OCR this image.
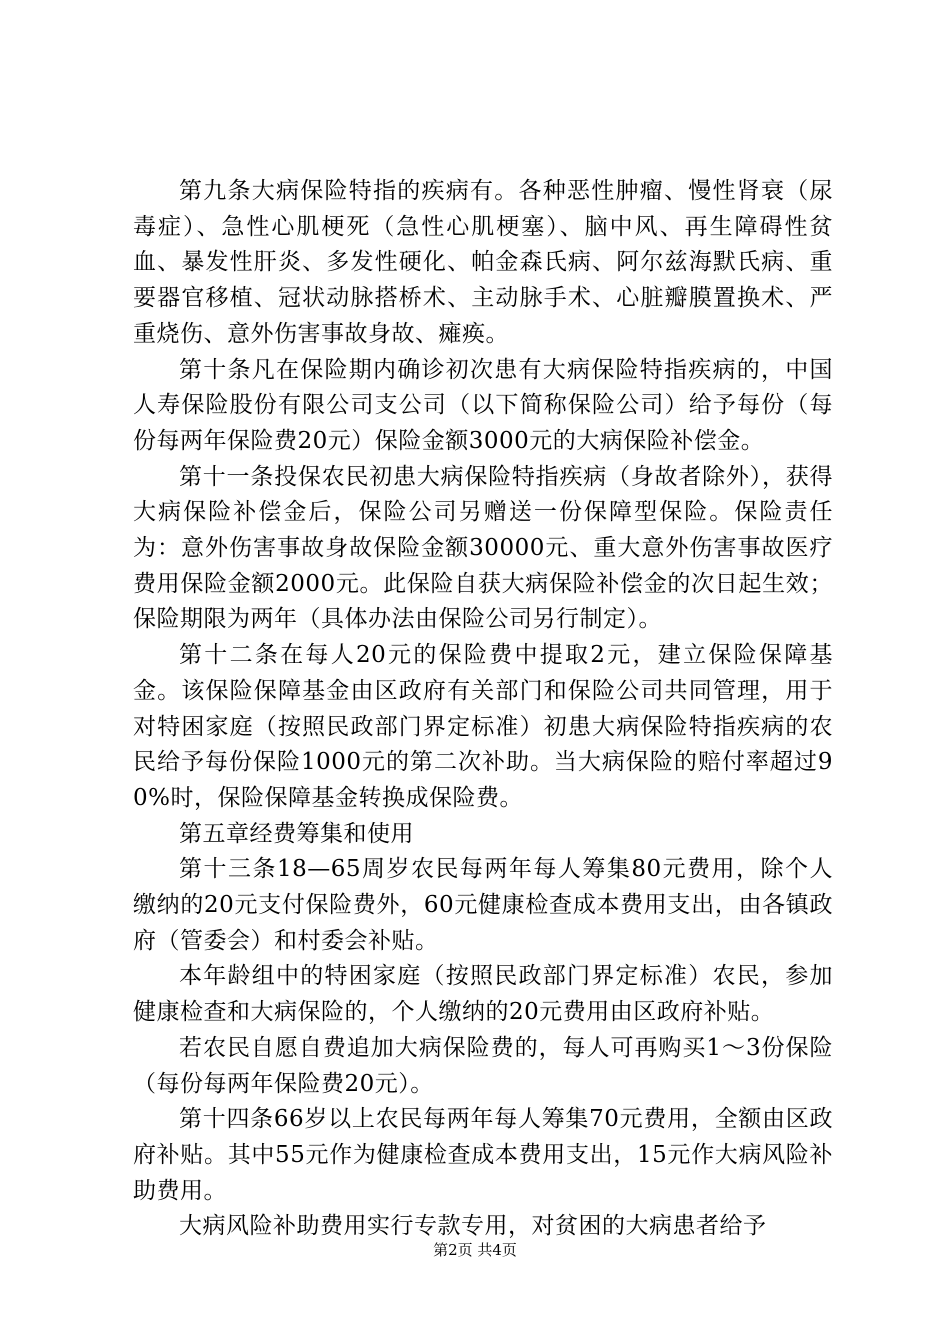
第九条大病保险特指的疾病有。各种恶性肿瘤、慢性肾衰（尿毒症）、急性心肌梗死（急性心肌梗塞）、脑中风、再生障碍性贫血、暴发性肝炎、多发性硬化、帕金森氏病、阿尔兹海默氏病、重要器官移植、冠状动脉搭桥术、主动脉手术、心脏瓣膜置换术、严重烧伤、意外伤害事故身故、瘫痪。

第十条凡在保险期内确诊初次患有大病保险特指疾病的，中国人寿保险股份有限公司支公司（以下简称保险公司）给予每份（每份每两年保险费20元）保险金额3000元的大病保险补偿金。

第十一条投保农民初患大病保险特指疾病（身故者除外），获得大病保险补偿金后，保险公司另赠送一份保障型保险。保险责任为：意外伤害事故身故保险金额30000元、重大意外伤害事故医疗费用保险金额2000元。此保险自获大病保险补偿金的次日起生效；保险期限为两年（具体办法由保险公司另行制定）。

第十二条在每人20元的保险费中提取2元，建立保险保障基金。该保险保障基金由区政府有关部门和保险公司共同管理，用于对特困家庭（按照民政部门界定标准）初患大病保险特指疾病的农民给予每份保险1000元的第二次补助。当大病保险的赔付率超过90%时，保险保障基金转换成保险费。

第五章经费筹集和使用

第十三条18—65周岁农民每两年每人筹集80元费用，除个人缴纳的20元支付保险费外，60元健康检查成本费用支出，由各镇政府（管委会）和村委会补贴。

本年龄组中的特困家庭（按照民政部门界定标准）农民，参加健康检查和大病保险的，个人缴纳的20元费用由区政府补贴。

若农民自愿自费追加大病保险费的，每人可再购买1～3份保险（每份每两年保险费20元）。

第十四条66岁以上农民每两年每人筹集70元费用，全额由区政府补贴。其中55元作为健康检查成本费用支出，15元作大病风险补助费用。

大病风险补助费用实行专款专用，对贫困的大病患者给予

第2页 共4页
